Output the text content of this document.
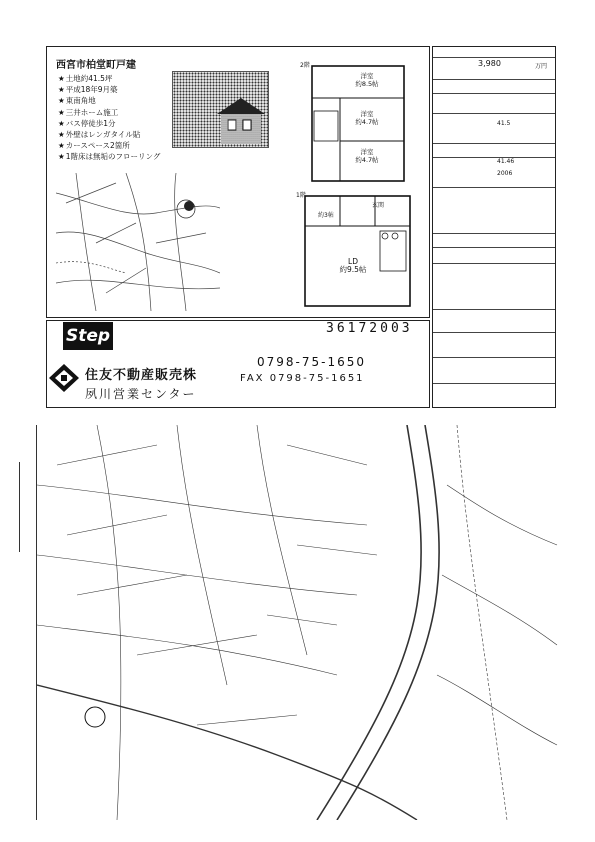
西宮市柏堂町戸建
★ 土地約41.5坪
★ 平成18年9月築
★ 東南角地
★ 三井ホーム施工
★ バス停徒歩1分
★ 外壁はレンガタイル貼
★ カースペース2箇所
★ 1階床は無垢のフローリング
洋室
約8.5帖
洋室
約4.7帖
洋室
約4.7帖
LD
約9.5帖
2階
1階
約3帖
玄関
3,980	万円
41.5
2006
41.46
Step	36172003
住友不動産販売株
夙川営業センター
0798-75-1650
FAX 0798-75-1651
